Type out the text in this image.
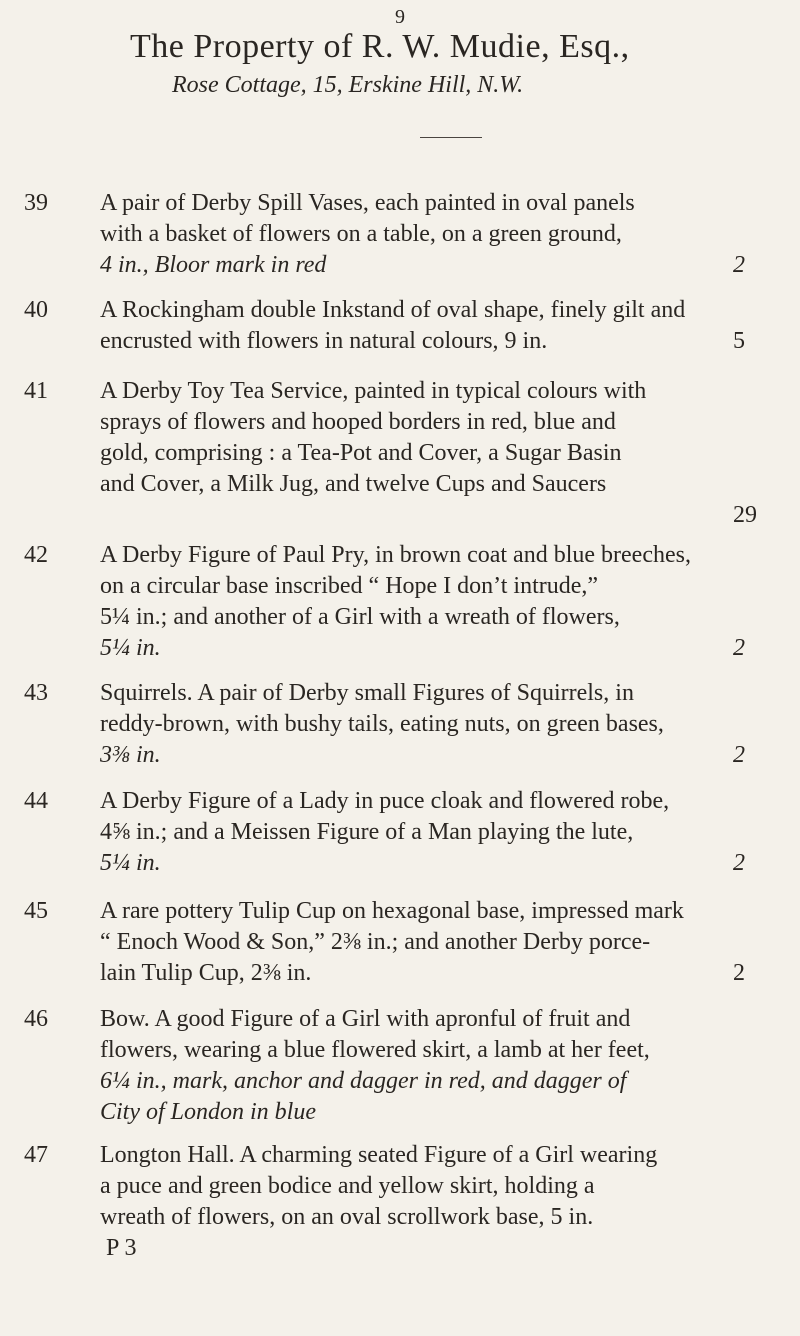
9
The Property of R. W. Mudie, Esq.,
Rose Cottage, 15, Erskine Hill, N.W.
39	A pair of Derby Spill Vases, each painted in oval panels
with a basket of flowers on a table, on a green ground,
4 in., Bloor mark in red	2
40	A Rockingham double Inkstand of oval shape, finely gilt and
encrusted with flowers in natural colours, 9 in.	5
41	A Derby Toy Tea Service, painted in typical colours with
sprays of flowers and hooped borders in red, blue and
gold, comprising : a Tea-Pot and Cover, a Sugar Basin
and Cover, a Milk Jug, and twelve Cups and Saucers
29

42	A Derby Figure of Paul Pry, in brown coat and blue breeches,
on a circular base inscribed “ Hope I don’t intrude,”
5¼ in.; and another of a Girl with a wreath of flowers,
5¼ in.	2
43	Squirrels. A pair of Derby small Figures of Squirrels, in
reddy-brown, with bushy tails, eating nuts, on green bases,
3⅜ in.	2
44	A Derby Figure of a Lady in puce cloak and flowered robe,
4⅝ in.; and a Meissen Figure of a Man playing the lute,
5¼ in.	2
45	A rare pottery Tulip Cup on hexagonal base, impressed mark
“ Enoch Wood & Son,” 2⅜ in.; and another Derby porce-
lain Tulip Cup, 2⅜ in.	2
46	Bow. A good Figure of a Girl with apronful of fruit and
flowers, wearing a blue flowered skirt, a lamb at her feet,
6¼ in., mark, anchor and dagger in red, and dagger of
City of London in blue
47	Longton Hall. A charming seated Figure of a Girl wearing
a puce and green bodice and yellow skirt, holding a
wreath of flowers, on an oval scrollwork base, 5 in.
P 3
